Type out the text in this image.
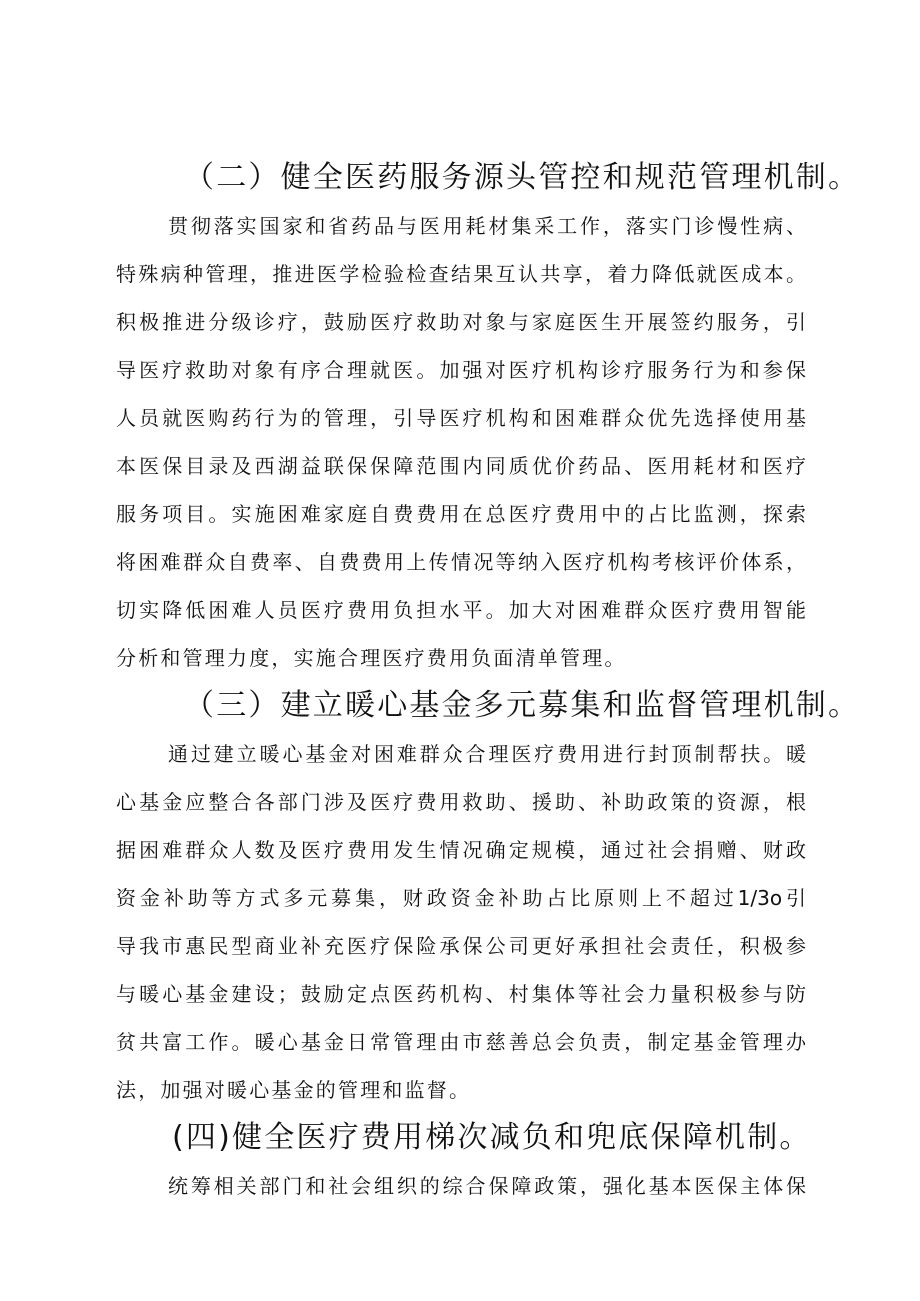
（二）健全医药服务源头管控和规范管理机制。

贯彻落实国家和省药品与医用耗材集采工作，落实门诊慢性病、
特殊病种管理，推进医学检验检查结果互认共享，着力降低就医成本。
积极推进分级诊疗，鼓励医疗救助对象与家庭医生开展签约服务，引
导医疗救助对象有序合理就医。加强对医疗机构诊疗服务行为和参保
人员就医购药行为的管理，引导医疗机构和困难群众优先选择使用基
本医保目录及西湖益联保保障范围内同质优价药品、医用耗材和医疗
服务项目。实施困难家庭自费费用在总医疗费用中的占比监测，探索
将困难群众自费率、自费费用上传情况等纳入医疗机构考核评价体系，
切实降低困难人员医疗费用负担水平。加大对困难群众医疗费用智能
分析和管理力度，实施合理医疗费用负面清单管理。

（三）建立暖心基金多元募集和监督管理机制。

通过建立暖心基金对困难群众合理医疗费用进行封顶制帮扶。暖
心基金应整合各部门涉及医疗费用救助、援助、补助政策的资源，根
据困难群众人数及医疗费用发生情况确定规模，通过社会捐赠、财政
资金补助等方式多元募集，财政资金补助占比原则上不超过1/3o引
导我市惠民型商业补充医疗保险承保公司更好承担社会责任，积极参
与暖心基金建设；鼓励定点医药机构、村集体等社会力量积极参与防
贫共富工作。暖心基金日常管理由市慈善总会负责，制定基金管理办
法，加强对暖心基金的管理和监督。

(四)健全医疗费用梯次减负和兜底保障机制。

统筹相关部门和社会组织的综合保障政策，强化基本医保主体保
